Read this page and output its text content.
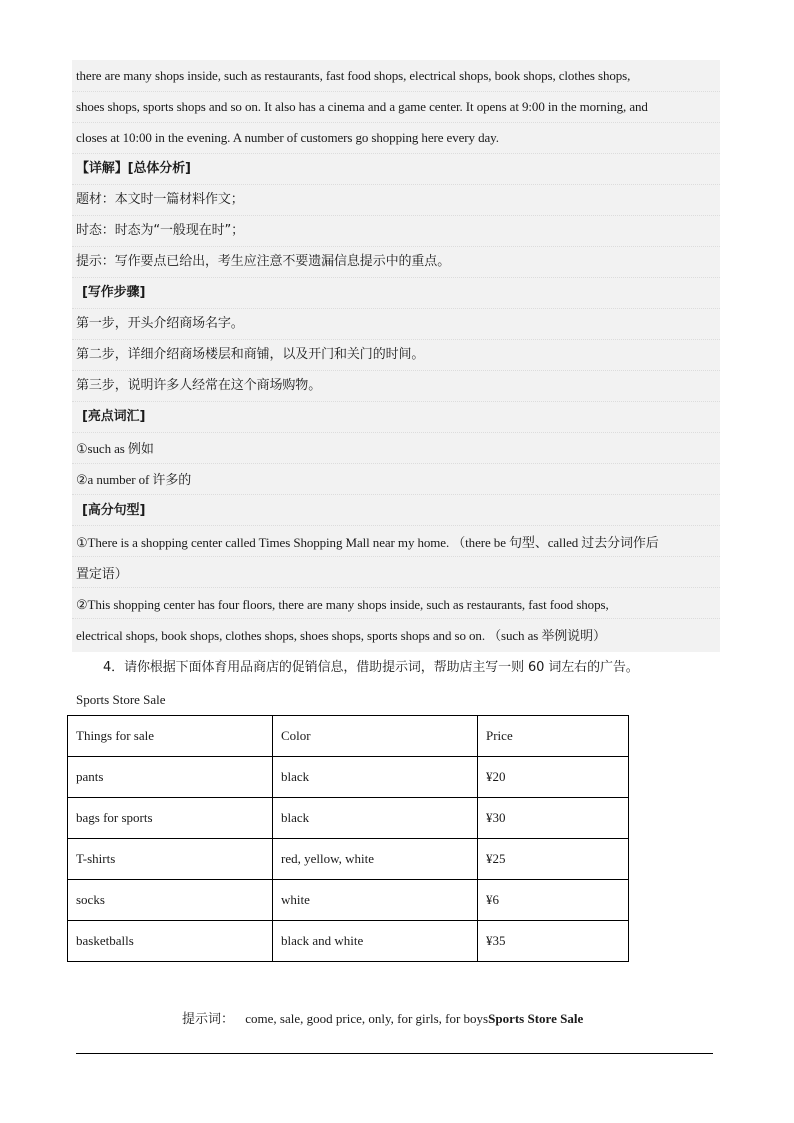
there are many shops inside, such as restaurants, fast food shops, electrical shops, book shops, clothes shops,
shoes shops, sports shops and so on. It also has a cinema and a game center. It opens at 9:00 in the morning, and
closes at 10:00 in the evening. A number of customers go shopping here every day.
【详解】[总体分析]
题材：本文时一篇材料作文；
时态：时态为“一般现在时”；
提示：写作要点已给出，考生应注意不要遗漏信息提示中的重点。
[写作步骤]
第一步，开头介绍商场名字。
第二步，详细介绍商场楼层和商铺，以及开门和关门的时间。
第三步，说明许多人经常在这个商场购物。
[亮点词汇]
①such as 例如
②a number of 许多的
[高分句型]
①There is a shopping center called Times Shopping Mall near my home. （there be 句型、called 过去分词作后
置定语）
②This shopping center has four floors, there are many shops inside, such as restaurants, fast food shops,
electrical shops, book shops, clothes shops, shoes shops, sports shops and so on. （such as 举例说明）
4．请你根据下面体育用品商店的促销信息，借助提示词，帮助店主写一则 60 词左右的广告。
Sports Store Sale
Things for sale	Color	Price
pants	black	¥20
bags for sports	black	¥30
T-shirts	red, yellow, white	¥25
socks	white	¥6
basketballs	black and white	¥35
提示词： come, sale, good price, only, for girls, for boysSports Store Sale
